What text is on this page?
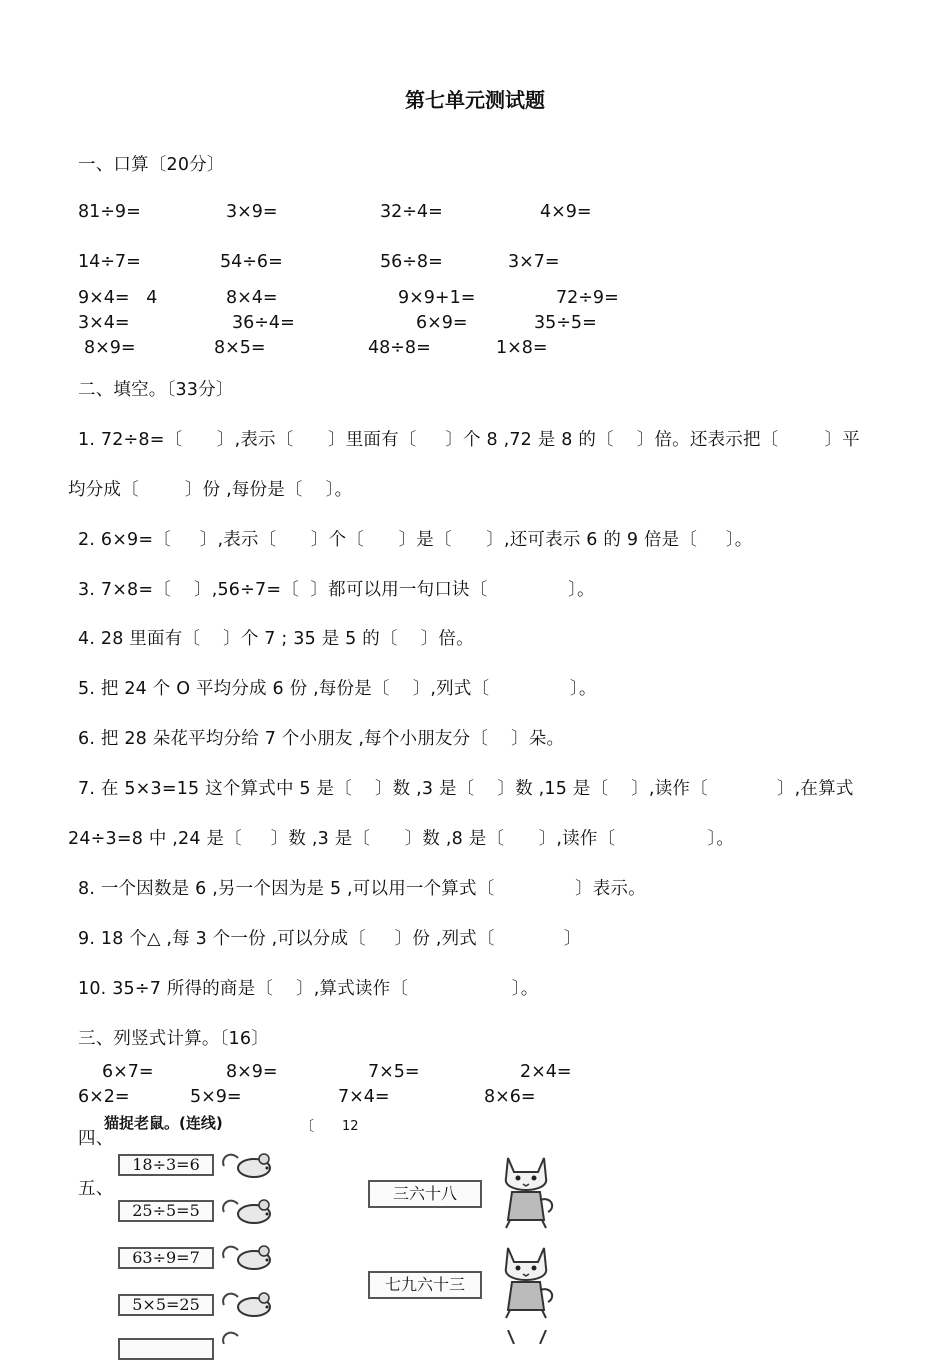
第七单元测试题
一、口算〔20分〕
81÷9=	3×9=	32÷4=	4×9=
14÷7=	54÷6=	56÷8=	3×7=
9×4=   4	8×4=	9×9+1=	72÷9=
3×4=	36÷4=	6×9=	35÷5=
8×9=	8×5=	48÷8=	1×8=
二、填空。〔33分〕
1. 72÷8=〔      〕,表示〔      〕里面有〔     〕个 8 ,72 是 8 的〔    〕倍。还表示把〔        〕平
均分成〔        〕份 ,每份是〔    〕。
2. 6×9=〔     〕,表示〔      〕个〔      〕是〔      〕,还可表示 6 的 9 倍是〔     〕。
3. 7×8=〔    〕,56÷7=〔  〕都可以用一句口诀〔              〕。
4. 28 里面有〔    〕个 7 ; 35 是 5 的〔    〕倍。
5. 把 24 个 O 平均分成 6 份 ,每份是〔    〕,列式〔              〕。
6. 把 28 朵花平均分给 7 个小朋友 ,每个小朋友分〔    〕朵。
7. 在 5×3=15 这个算式中 5 是〔    〕数 ,3 是〔    〕数 ,15 是〔    〕,读作〔            〕,在算式
24÷3=8 中 ,24 是〔     〕数 ,3 是〔      〕数 ,8 是〔      〕,读作〔                〕。
8. 一个因数是 6 ,另一个因为是 5 ,可以用一个算式〔              〕表示。
9. 18 个△ ,每 3 个一份 ,可以分成〔     〕份 ,列式〔            〕
10. 35÷7 所得的商是〔    〕,算式读作〔                  〕。
三、列竖式计算。〔16〕
6×7=	8×9=	7×5=	2×4=
6×2=	5×9=	7×4=	8×6=
四、
〔 12
五、
猫捉老鼠。(连线)
18÷3=6
25÷5=5
63÷9=7
5×5=25
三六十八
七九六十三
